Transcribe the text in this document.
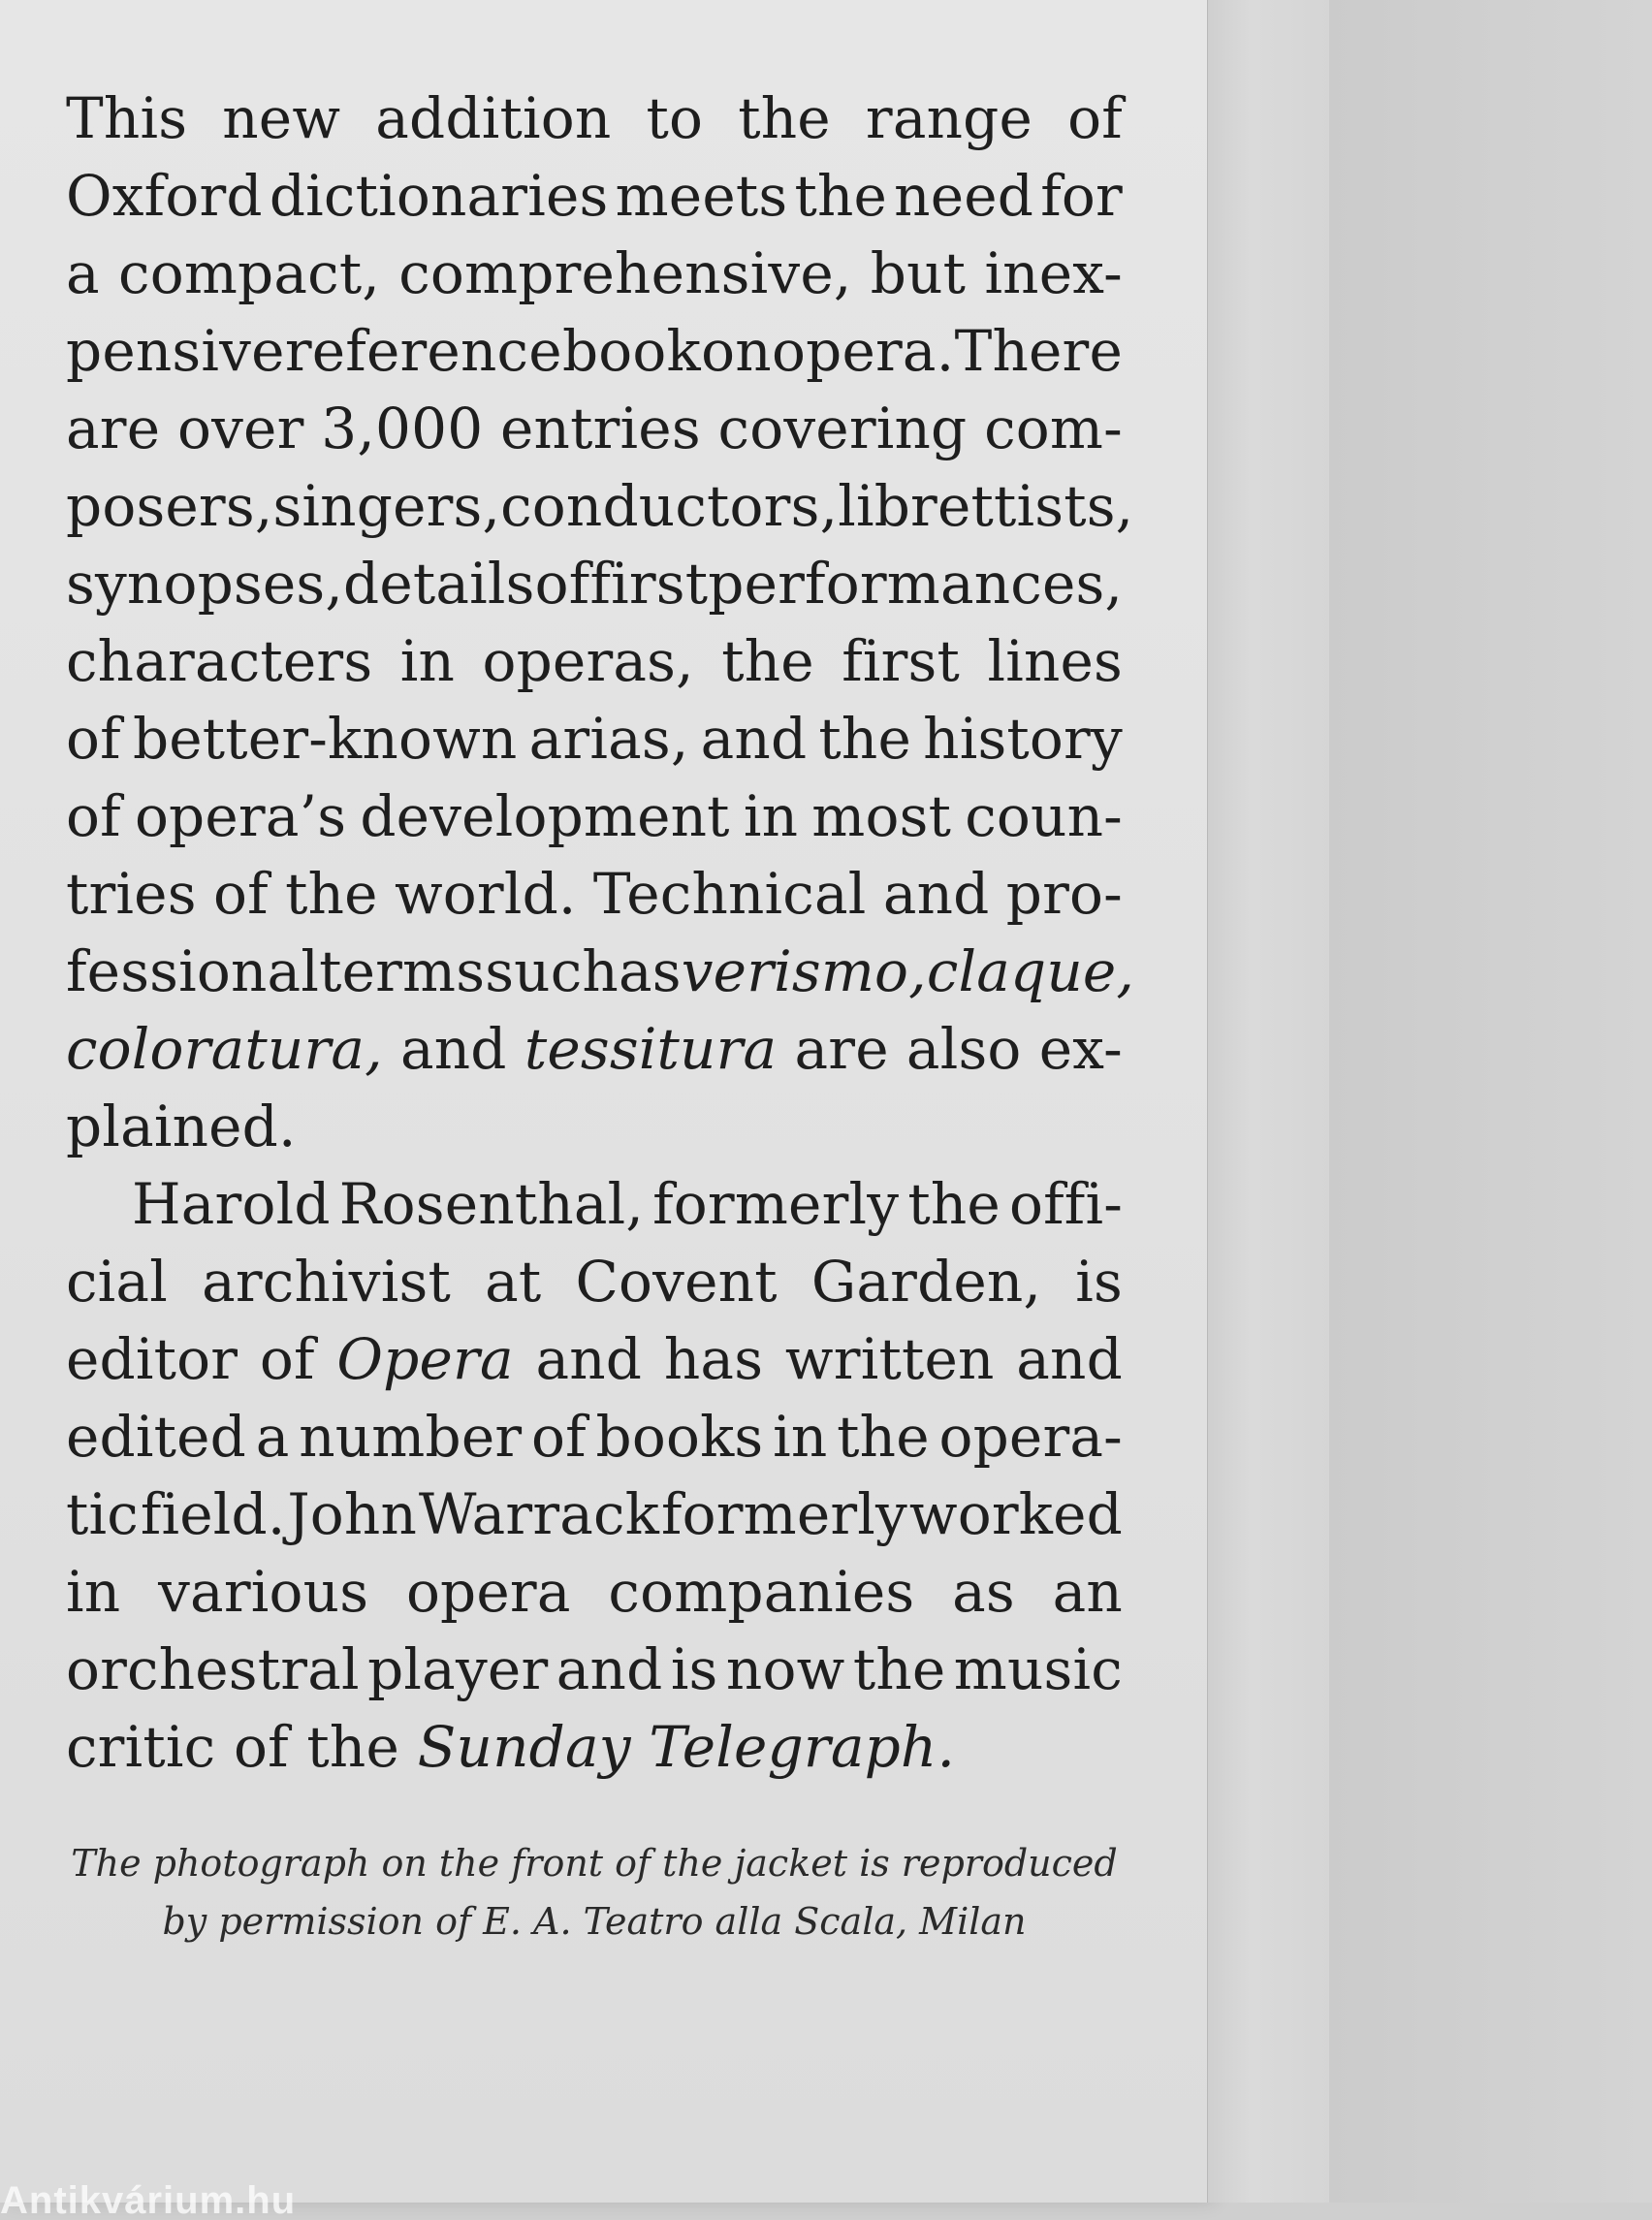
This new addition to the range of
Oxford dictionaries meets the need for
a compact, comprehensive, but inex-
pensive reference book on opera. There
are over 3,000 entries covering com-
posers, singers, conductors, librettists,
synopses, details of first performances,
characters in operas, the first lines
of better-known arias, and the history
of opera’s development in most coun-
tries of the world. Technical and pro-
fessional terms such as verismo, claque,
coloratura, and tessitura are also ex-
plained.
Harold Rosenthal, formerly the offi-
cial archivist at Covent Garden, is
editor of Opera and has written and
edited a number of books in the opera-
tic field. John Warrack formerly worked
in various opera companies as an
orchestral player and is now the music
critic of the Sunday Telegraph.
The photograph on the front of the jacket is reproduced
by permission of E. A. Teatro alla Scala, Milan
Antikvárium.hu
